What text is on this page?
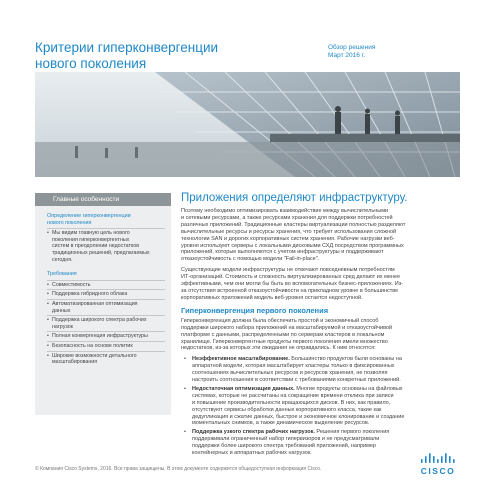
Критерии гиперконвергенции
нового поколения
Обзор решения
Март 2016 г.
Главные особенности
Определение гиперконвергенции
нового поколения
• Мы видим главную цель нового
поколения гиперконвергентных
систем в преодолении недостатков
традиционных решений, предлагаемых
сегодня.
Требования
• Совместимость
• Поддержка гибридного облака
• Автоматизированная оптимизация
данных
• Поддержка широкого спектра рабочих
нагрузок
• Полная конвергенция инфраструктуры
• Безопасность на основе политик
• Широкие возможности детального
масштабирования
Приложения определяют инфраструктуру.
Поэтому необходимо оптимизировать взаимодействие между вычислительными
и сетевыми ресурсами, а также ресурсами хранения для поддержки потребностей
различных приложений. Традиционные кластеры виртуализации полностью разделяют
вычислительные ресурсы и ресурсы хранения, что требует использования сложной
технологии SAN и дорогих корпоративных систем хранения. Рабочие нагрузки веб-
уровня используют серверы с локальными дисковыми СХД посредством программных
приложений, которые выполняются с учетом инфраструктуры и поддерживают
отказоустойчивость с помощью модели "Fail-in-place".
Существующие модели инфраструктуры не отвечают повседневным потребностям
ИТ-организаций. Стоимость и сложность виртуализированных сред делают их менее
эффективными, чем они могли бы быть во вспомогательных бизнес-приложениях. Из-
за отсутствия встроенной отказоустойчивости на прикладном уровне в большинстве
корпоративных приложений модель веб-уровня остается недоступной.
Гиперконвергенция первого поколения
Гиперконвергенция должна была обеспечить простой и экономичный способ
поддержки широкого набора приложений на масштабируемой и отказоустойчивой
платформе с данными, распределенными по серверам кластеров в локальном
хранилище. Гиперконвергентные продукты первого поколения имели множество
недостатков, из-за которых эти ожидания не оправдались. К ним относятся:
• Неэффективное масштабирование. Большинство продуктов были основаны на
аппаратной модели, которая масштабирует кластеры только в фиксированных
соотношениях вычислительных ресурсов и ресурсов хранения, не позволяя
настроить соотношения в соответствии с требованиями конкретных приложений.
• Недостаточная оптимизация данных. Многие продукты основаны на файловых
системах, которые не рассчитаны на сокращение времени отклика при записи
и повышение производительности вращающихся дисков. В них, как правило,
отсутствуют сервисы обработки данных корпоративного класса, такие как
дедупликация и сжатие данных, быстрое и экономичное клонирование и создание
моментальных снимков, а также динамическое выделение ресурсов.
• Поддержка узкого спектра рабочих нагрузок. Решения первого поколения
поддерживали ограниченный набор гипервизоров и не предусматривали
поддержки более широкого спектра требований приложений, например
контейнерных и аппаратных рабочих нагрузок.
© Компания Cisco Systems, 2016. Все права защищены. В этом документе содержится общедоступная информация Cisco.	CISCO
